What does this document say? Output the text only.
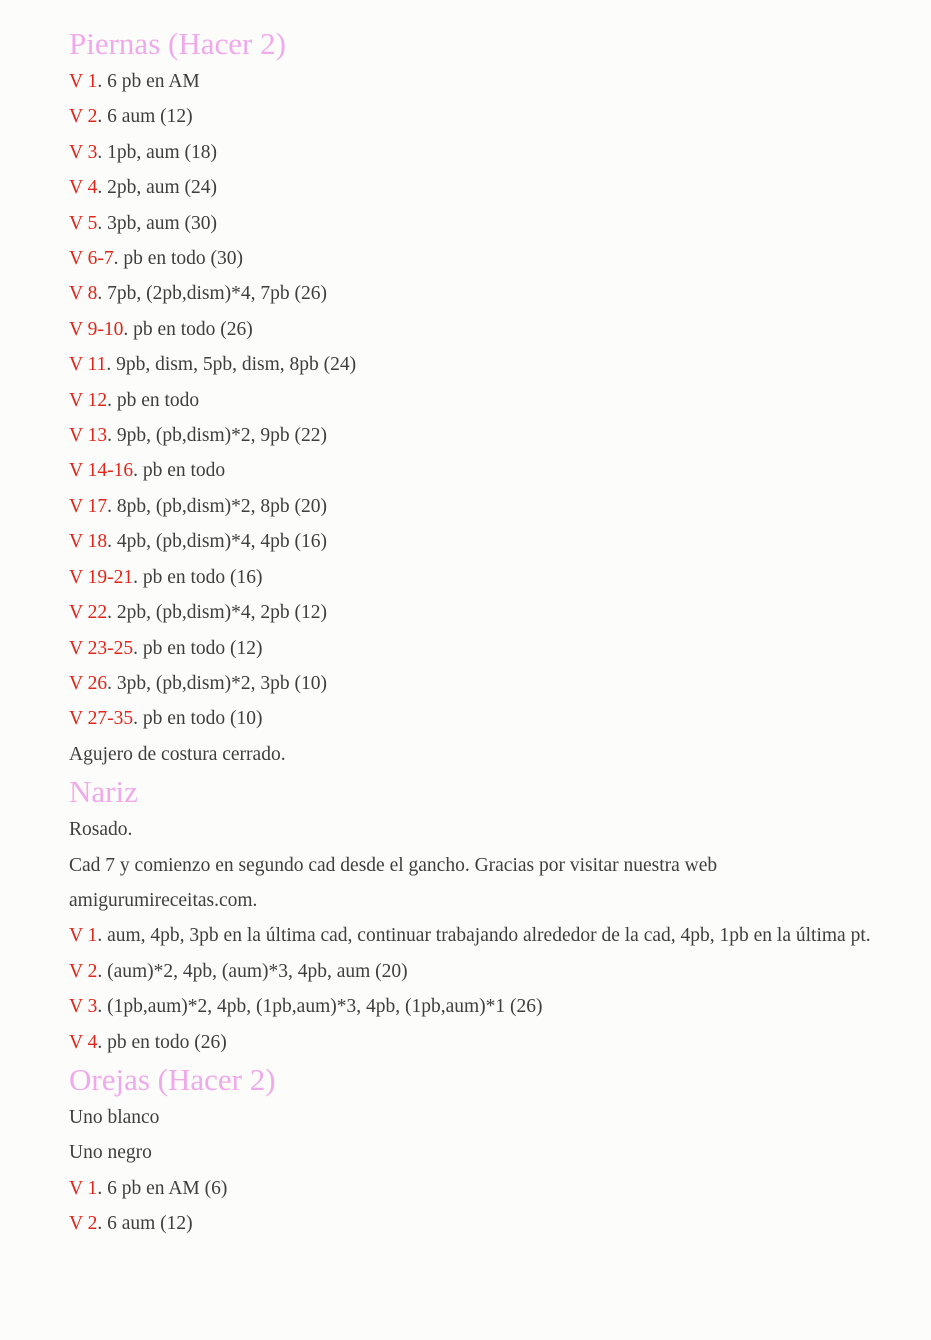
Piernas (Hacer 2)

V 1. 6 pb en AM

V 2. 6 aum (12)

V 3. 1pb, aum (18)

V 4. 2pb, aum (24)

V 5. 3pb, aum (30)

V 6-7. pb en todo (30)

V 8. 7pb, (2pb,dism)*4, 7pb (26)

V 9-10. pb en todo (26)

V 11. 9pb, dism, 5pb, dism, 8pb (24)

V 12. pb en todo

V 13. 9pb, (pb,dism)*2, 9pb (22)

V 14-16. pb en todo

V 17. 8pb, (pb,dism)*2, 8pb (20)

V 18. 4pb, (pb,dism)*4, 4pb (16)

V 19-21. pb en todo (16)

V 22. 2pb, (pb,dism)*4, 2pb (12)

V 23-25. pb en todo (12)

V 26. 3pb, (pb,dism)*2, 3pb (10)

V 27-35. pb en todo (10)

Agujero de costura cerrado.

Nariz

Rosado.

Cad 7 y comienzo en segundo cad desde el gancho. Gracias por visitar nuestra web amigurumireceitas.com.

V 1. aum, 4pb, 3pb en la última cad, continuar trabajando alrededor de la cad, 4pb, 1pb en la última pt.

V 2. (aum)*2, 4pb, (aum)*3, 4pb, aum (20)

V 3. (1pb,aum)*2, 4pb, (1pb,aum)*3, 4pb, (1pb,aum)*1 (26)

V 4. pb en todo (26)

Orejas (Hacer 2)

Uno blanco

Uno negro

V 1. 6 pb en AM (6)

V 2. 6 aum (12)
